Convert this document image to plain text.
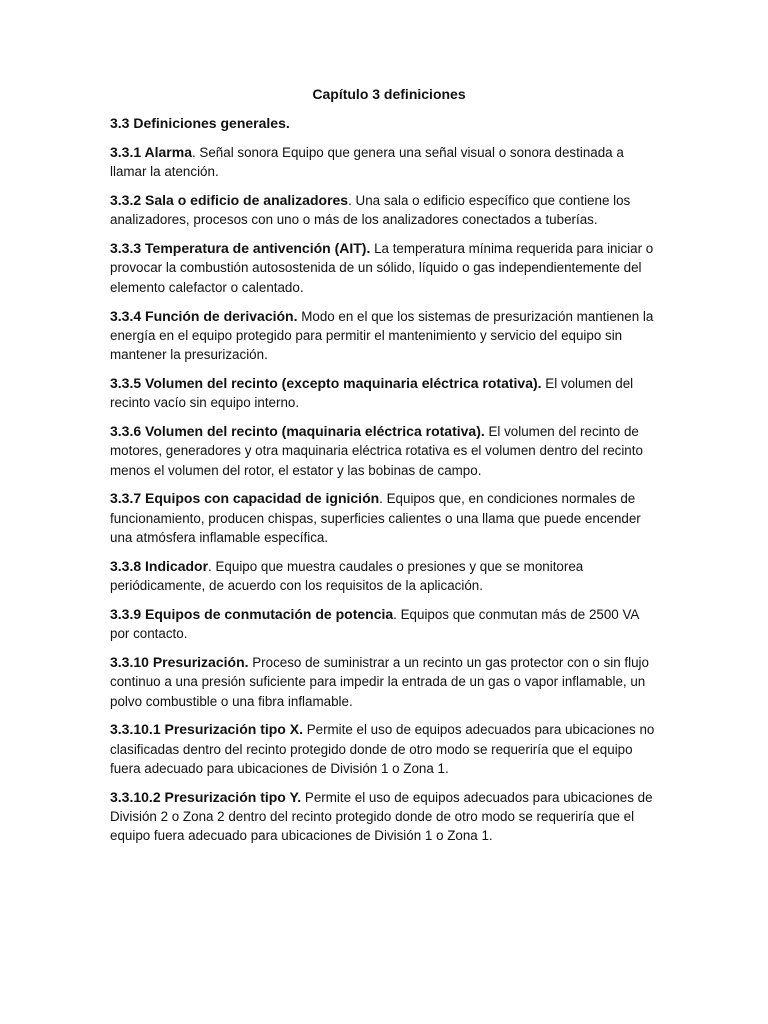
Capítulo 3 definiciones

3.3 Definiciones generales.

3.3.1 Alarma. Señal sonora Equipo que genera una señal visual o sonora destinada a llamar la atención.

3.3.2 Sala o edificio de analizadores. Una sala o edificio específico que contiene los analizadores, procesos con uno o más de los analizadores conectados a tuberías.

3.3.3 Temperatura de antivención (AIT). La temperatura mínima requerida para iniciar o provocar la combustión autosostenida de un sólido, líquido o gas independientemente del elemento calefactor o calentado.

3.3.4 Función de derivación. Modo en el que los sistemas de presurización mantienen la energía en el equipo protegido para permitir el mantenimiento y servicio del equipo sin mantener la presurización.

3.3.5 Volumen del recinto (excepto maquinaria eléctrica rotativa). El volumen del recinto vacío sin equipo interno.

3.3.6 Volumen del recinto (maquinaria eléctrica rotativa). El volumen del recinto de motores, generadores y otra maquinaria eléctrica rotativa es el volumen dentro del recinto menos el volumen del rotor, el estator y las bobinas de campo.

3.3.7 Equipos con capacidad de ignición. Equipos que, en condiciones normales de funcionamiento, producen chispas, superficies calientes o una llama que puede encender una atmósfera inflamable específica.

3.3.8 Indicador. Equipo que muestra caudales o presiones y que se monitorea periódicamente, de acuerdo con los requisitos de la aplicación.

3.3.9 Equipos de conmutación de potencia. Equipos que conmutan más de 2500 VA por contacto.

3.3.10 Presurización. Proceso de suministrar a un recinto un gas protector con o sin flujo continuo a una presión suficiente para impedir la entrada de un gas o vapor inflamable, un polvo combustible o una fibra inflamable.

3.3.10.1 Presurización tipo X. Permite el uso de equipos adecuados para ubicaciones no clasificadas dentro del recinto protegido donde de otro modo se requeriría que el equipo fuera adecuado para ubicaciones de División 1 o Zona 1.

3.3.10.2 Presurización tipo Y. Permite el uso de equipos adecuados para ubicaciones de División 2 o Zona 2 dentro del recinto protegido donde de otro modo se requeriría que el equipo fuera adecuado para ubicaciones de División 1 o Zona 1.
